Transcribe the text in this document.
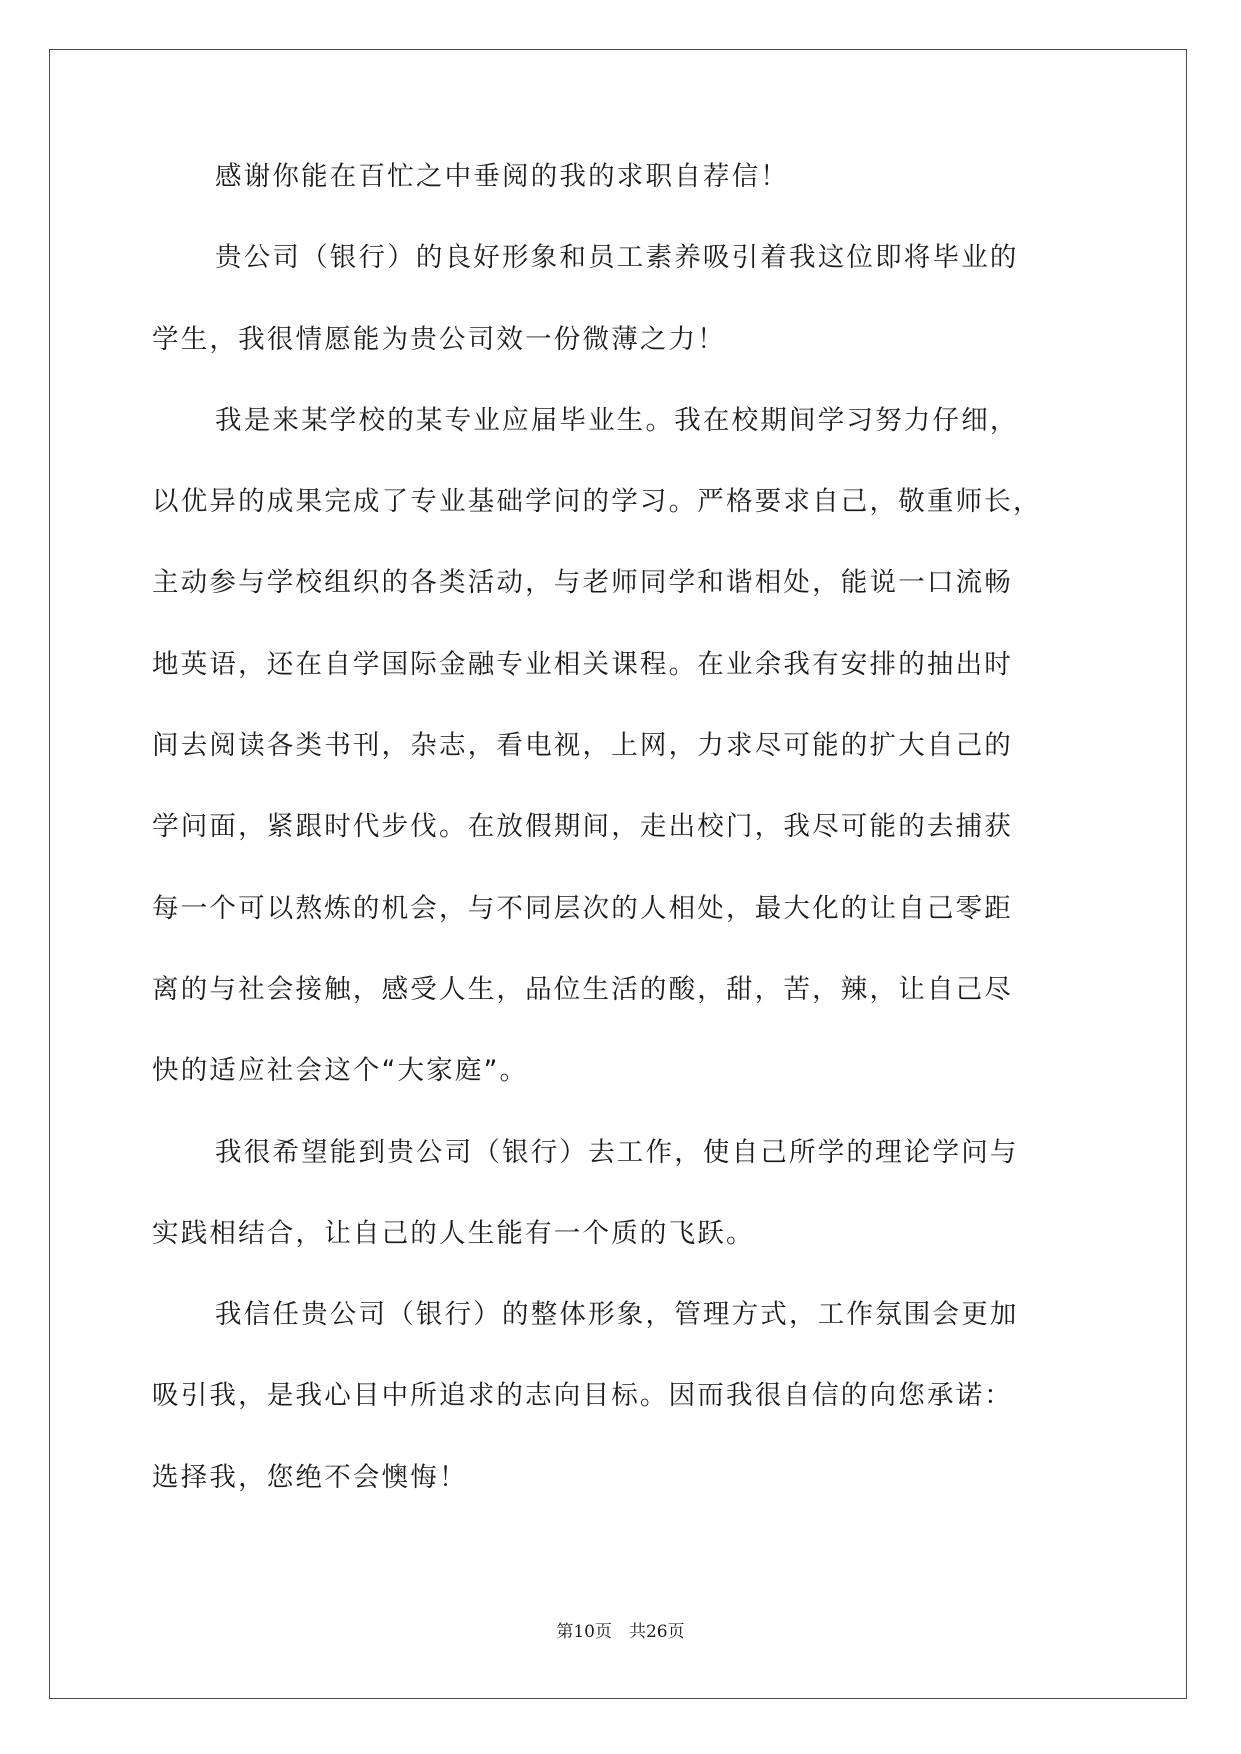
感谢你能在百忙之中垂阅的我的求职自荐信！
贵公司（银行）的良好形象和员工素养吸引着我这位即将毕业的
学生，我很情愿能为贵公司效一份微薄之力！
我是来某学校的某专业应届毕业生。我在校期间学习努力仔细，
以优异的成果完成了专业基础学问的学习。严格要求自己，敬重师长，
主动参与学校组织的各类活动，与老师同学和谐相处，能说一口流畅
地英语，还在自学国际金融专业相关课程。在业余我有安排的抽出时
间去阅读各类书刊，杂志，看电视，上网，力求尽可能的扩大自己的
学问面，紧跟时代步伐。在放假期间，走出校门，我尽可能的去捕获
每一个可以熬炼的机会，与不同层次的人相处，最大化的让自己零距
离的与社会接触，感受人生，品位生活的酸，甜，苦，辣，让自己尽
快的适应社会这个“大家庭”。
我很希望能到贵公司（银行）去工作，使自己所学的理论学问与
实践相结合，让自己的人生能有一个质的飞跃。
我信任贵公司（银行）的整体形象，管理方式，工作氛围会更加
吸引我，是我心目中所追求的志向目标。因而我很自信的向您承诺：
选择我，您绝不会懊悔！
第10页　共26页
